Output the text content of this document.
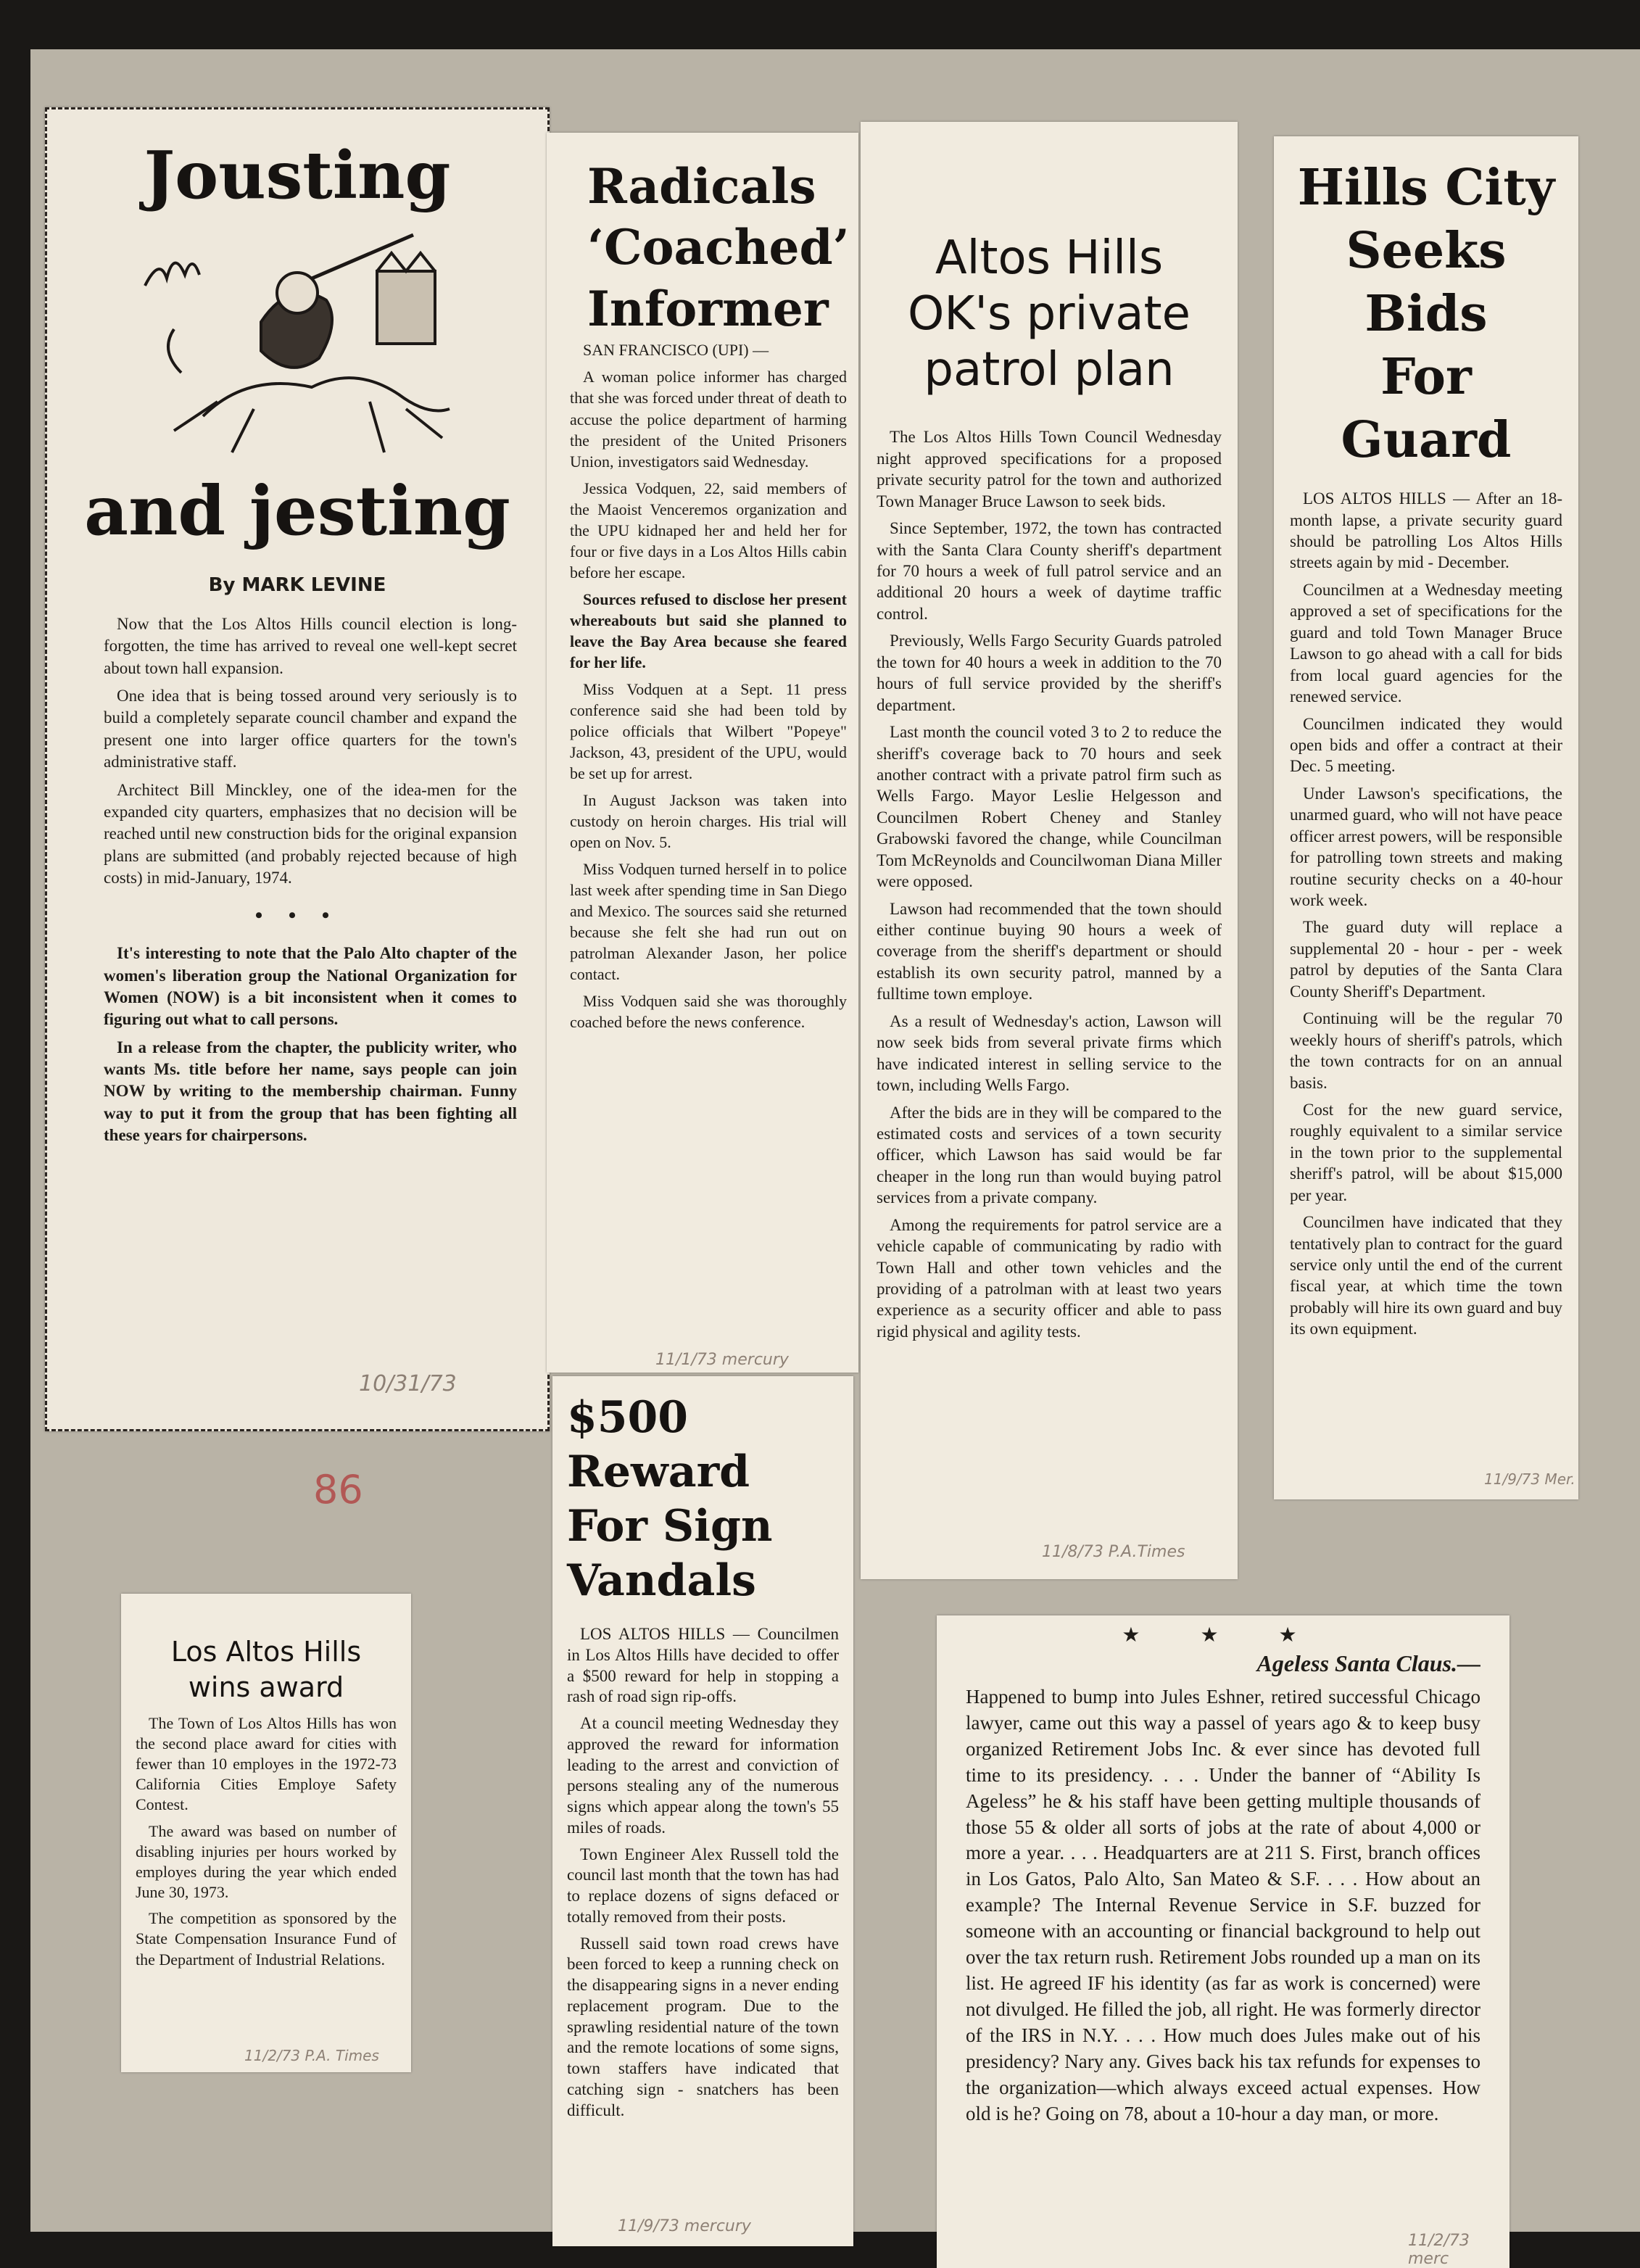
Jousting
and jesting
By MARK LEVINE

Now that the Los Altos Hills council election is long-forgotten, the time has arrived to reveal one well-kept secret about town hall expansion.

One idea that is being tossed around very seriously is to build a completely separate council chamber and expand the present one into larger office quarters for the town's administrative staff.

Architect Bill Minckley, one of the idea-men for the expanded city quarters, emphasizes that no decision will be reached until new construction bids for the original expansion plans are submitted (and probably rejected because of high costs) in mid-January, 1974.

• • •

It's interesting to note that the Palo Alto chapter of the women's liberation group the National Organization for Women (NOW) is a bit inconsistent when it comes to figuring out what to call persons.

In a release from the chapter, the publicity writer, who wants Ms. title before her name, says people can join NOW by writing to the membership chairman. Funny way to put it from the group that has been fighting all these years for chairpersons.

10/31/73
Radicals
‘Coached’
Informer

SAN FRANCISCO (UPI) —

A woman police informer has charged that she was forced under threat of death to accuse the police department of harming the president of the United Prisoners Union, investigators said Wednesday.

Jessica Vodquen, 22, said members of the Maoist Venceremos organization and the UPU kidnaped her and held her for four or five days in a Los Altos Hills cabin before her escape.

Sources refused to disclose her present whereabouts but said she planned to leave the Bay Area because she feared for her life.

Miss Vodquen at a Sept. 11 press conference said she had been told by police officials that Wilbert "Popeye" Jackson, 43, president of the UPU, would be set up for arrest.

In August Jackson was taken into custody on heroin charges. His trial will open on Nov. 5.

Miss Vodquen turned herself in to police last week after spending time in San Diego and Mexico. The sources said she returned because she felt she had run out on patrolman Alexander Jason, her police contact.

Miss Vodquen said she was thoroughly coached before the news conference.

11/1/73 mercury
Altos Hills
OK's private
patrol plan

The Los Altos Hills Town Council Wednesday night approved specifications for a proposed private security patrol for the town and authorized Town Manager Bruce Lawson to seek bids.

Since September, 1972, the town has contracted with the Santa Clara County sheriff's department for 70 hours a week of full patrol service and an additional 20 hours a week of daytime traffic control.

Previously, Wells Fargo Security Guards patroled the town for 40 hours a week in addition to the 70 hours of full service provided by the sheriff's department.

Last month the council voted 3 to 2 to reduce the sheriff's coverage back to 70 hours and seek another contract with a private patrol firm such as Wells Fargo. Mayor Leslie Helgesson and Councilmen Robert Cheney and Stanley Grabowski favored the change, while Councilman Tom McReynolds and Councilwoman Diana Miller were opposed.

Lawson had recommended that the town should either continue buying 90 hours a week of coverage from the sheriff's department or should establish its own security patrol, manned by a fulltime town employe.

As a result of Wednesday's action, Lawson will now seek bids from several private firms which have indicated interest in selling service to the town, including Wells Fargo.

After the bids are in they will be compared to the estimated costs and services of a town security officer, which Lawson has said would be far cheaper in the long run than would buying patrol services from a private company.

Among the requirements for patrol service are a vehicle capable of communicating by radio with Town Hall and other town vehicles and the providing of a patrolman with at least two years experience as a security officer and able to pass rigid physical and agility tests.

11/8/73 P.A.Times
Hills City
Seeks Bids
For Guard

LOS ALTOS HILLS — After an 18-month lapse, a private security guard should be patrolling Los Altos Hills streets again by mid - December.

Councilmen at a Wednesday meeting approved a set of specifications for the guard and told Town Manager Bruce Lawson to go ahead with a call for bids from local guard agencies for the renewed service.

Councilmen indicated they would open bids and offer a contract at their Dec. 5 meeting.

Under Lawson's specifications, the unarmed guard, who will not have peace officer arrest powers, will be responsible for patrolling town streets and making routine security checks on a 40-hour work week.

The guard duty will replace a supplemental 20 - hour - per - week patrol by deputies of the Santa Clara County Sheriff's Department.

Continuing will be the regular 70 weekly hours of sheriff's patrols, which the town contracts for on an annual basis.

Cost for the new guard service, roughly equivalent to a similar service in the town prior to the supplemental sheriff's patrol, will be about $15,000 per year.

Councilmen have indicated that they tentatively plan to contract for the guard service only until the end of the current fiscal year, at which time the town probably will hire its own guard and buy its own equipment.

11/9/73 Mer.
$500 Reward
For Sign
Vandals

LOS ALTOS HILLS — Councilmen in Los Altos Hills have decided to offer a $500 reward for help in stopping a rash of road sign rip-offs.

At a council meeting Wednesday they approved the reward for information leading to the arrest and conviction of persons stealing any of the numerous signs which appear along the town's 55 miles of roads.

Town Engineer Alex Russell told the council last month that the town has had to replace dozens of signs defaced or totally removed from their posts.

Russell said town road crews have been forced to keep a running check on the disappearing signs in a never ending replacement program. Due to the sprawling residential nature of the town and the remote locations of some signs, town staffers have indicated that catching sign - snatchers has been difficult.

11/9/73 mercury
Los Altos Hills
wins award

The Town of Los Altos Hills has won the second place award for cities with fewer than 10 employes in the 1972-73 California Cities Employe Safety Contest.

The award was based on number of disabling injuries per hours worked by employes during the year which ended June 30, 1973.

The competition as sponsored by the State Compensation Insurance Fund of the Department of Industrial Relations.

11/2/73 P.A. Times
★ ★ ★
Ageless Santa Claus.—
Happened to bump into Jules Eshner, retired successful Chicago lawyer, came out this way a passel of years ago & to keep busy organized Retirement Jobs Inc. & ever since has devoted full time to its presidency. . . . Under the banner of “Ability Is Ageless” he & his staff have been getting multiple thousands of those 55 & older all sorts of jobs at the rate of about 4,000 or more a year. . . . Headquarters are at 211 S. First, branch offices in Los Gatos, Palo Alto, San Mateo & S.F. . . . How about an example? The Internal Revenue Service in S.F. buzzed for someone with an accounting or financial background to help out over the tax return rush. Retirement Jobs rounded up a man on its list. He agreed IF his identity (as far as work is concerned) were not divulged. He filled the job, all right. He was formerly director of the IRS in N.Y. . . . How much does Jules make out of his presidency? Nary any. Gives back his tax refunds for expenses to the organization—which always exceed actual expenses. How old is he? Going on 78, about a 10-hour a day man, or more.
11/2/73 merc
86
